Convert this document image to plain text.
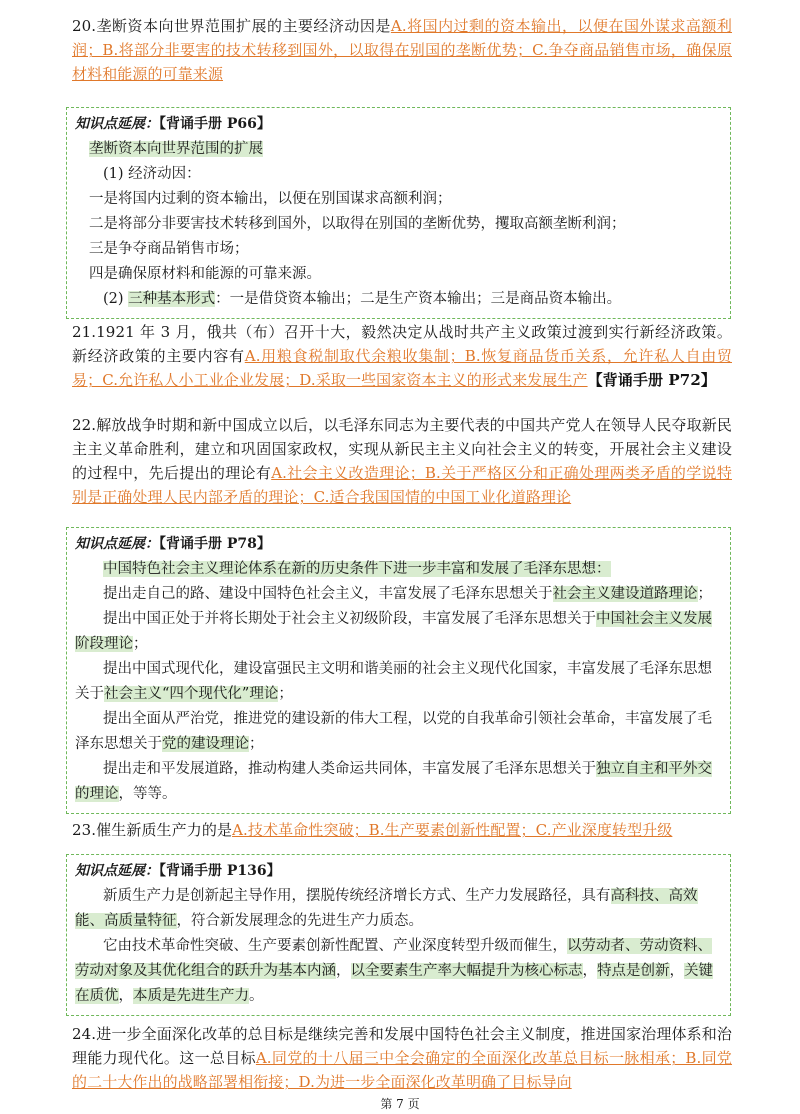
20.垄断资本向世界范围扩展的主要经济动因是A.将国内过剩的资本输出，以便在国外谋求高额利润；B.将部分非要害的技术转移到国外，以取得在别国的垄断优势；C.争夺商品销售市场，确保原材料和能源的可靠来源
知识点延展：【背诵手册 P66】
垄断资本向世界范围的扩展
(1) 经济动因：
一是将国内过剩的资本输出，以便在别国谋求高额利润；
二是将部分非要害技术转移到国外，以取得在别国的垄断优势，攫取高额垄断利润；
三是争夺商品销售市场；
四是确保原材料和能源的可靠来源。
(2) 三种基本形式：一是借贷资本输出；二是生产资本输出；三是商品资本输出。
21.1921 年 3 月，俄共（布）召开十大，毅然决定从战时共产主义政策过渡到实行新经济政策。新经济政策的主要内容有A.用粮食税制取代余粮收集制；B.恢复商品货币关系，允许私人自由贸易；C.允许私人小工业企业发展；D.采取一些国家资本主义的形式来发展生产【背诵手册 P72】
22.解放战争时期和新中国成立以后，以毛泽东同志为主要代表的中国共产党人在领导人民夺取新民主主义革命胜利，建立和巩固国家政权，实现从新民主主义向社会主义的转变，开展社会主义建设的过程中，先后提出的理论有A.社会主义改造理论；B.关于严格区分和正确处理两类矛盾的学说特别是正确处理人民内部矛盾的理论；C.适合我国国情的中国工业化道路理论
知识点延展：【背诵手册 P78】
中国特色社会主义理论体系在新的历史条件下进一步丰富和发展了毛泽东思想：
提出走自己的路、建设中国特色社会主义，丰富发展了毛泽东思想关于社会主义建设道路理论；
提出中国正处于并将长期处于社会主义初级阶段，丰富发展了毛泽东思想关于中国社会主义发展阶段理论；
提出中国式现代化，建设富强民主文明和谐美丽的社会主义现代化国家，丰富发展了毛泽东思想关于社会主义“四个现代化”理论；
提出全面从严治党，推进党的建设新的伟大工程，以党的自我革命引领社会革命，丰富发展了毛泽东思想关于党的建设理论；
提出走和平发展道路，推动构建人类命运共同体，丰富发展了毛泽东思想关于独立自主和平外交的理论，等等。
23.催生新质生产力的是A.技术革命性突破；B.生产要素创新性配置；C.产业深度转型升级
知识点延展：【背诵手册 P136】
新质生产力是创新起主导作用，摆脱传统经济增长方式、生产力发展路径，具有高科技、高效能、高质量特征，符合新发展理念的先进生产力质态。
它由技术革命性突破、生产要素创新性配置、产业深度转型升级而催生，以劳动者、劳动资料、劳动对象及其优化组合的跃升为基本内涵，以全要素生产率大幅提升为核心标志，特点是创新，关键在质优，本质是先进生产力。
24.进一步全面深化改革的总目标是继续完善和发展中国特色社会主义制度，推进国家治理体系和治理能力现代化。这一总目标A.同党的十八届三中全会确定的全面深化改革总目标一脉相承；B.同党的二十大作出的战略部署相衔接；D.为进一步全面深化改革明确了目标导向
第 7 页
